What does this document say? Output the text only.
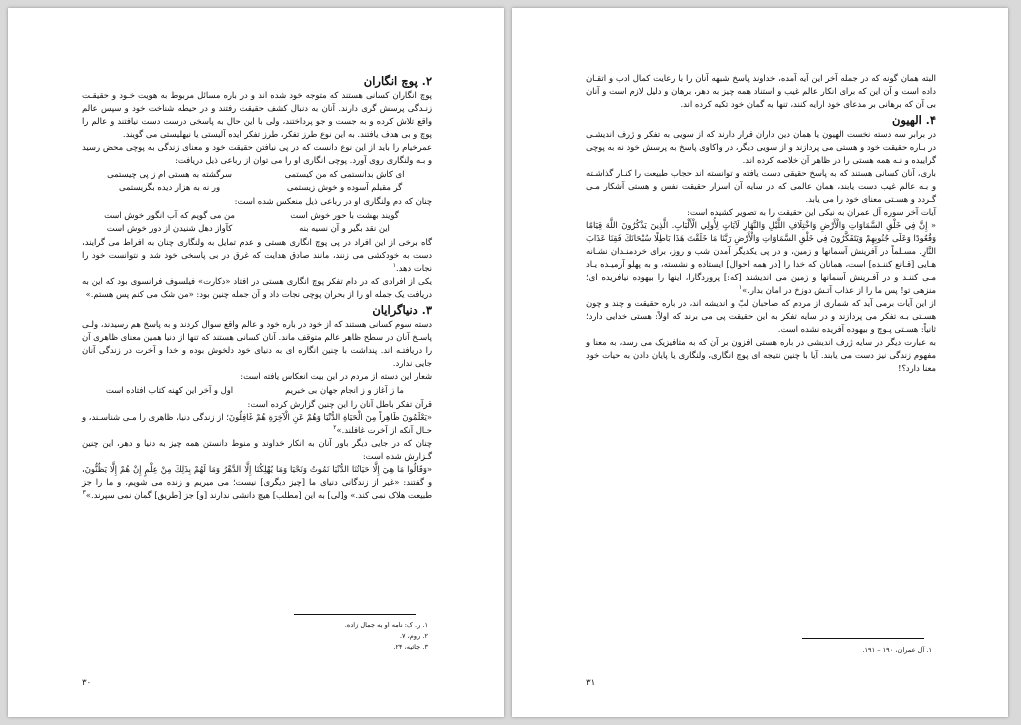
۲. پوچ انگاران

پوچ انگاران کسانی هستند که متوجه خود شده اند و در باره مسائل مربوط به هویت خـود و حقیقـت زنـدگی پرسش گری دارند. آنان به دنبال کشف حقیقت رفتند و در حیطه شناخت خود و سپس عالم واقع تلاش کرده و به جست و جو پرداختند، ولی با این حال به پاسخی درست دست نیافتند و عالم را پوچ و بی هدف یافتند. به این نوع طرز تفکر، طرز تفکر ایده آلیستی یا نیهلیستی می گویند.

عمرخیام را باید از این نوع دانست که در پی نیافتن حقیقت خود و معنای زندگی به پوچی محض رسید و بـه ولنگاری روی آورد. پوچی انگاری او را می توان از رباعی ذیل دریافت:

ای کاش بدانستمی که من کیستمی	سرگشته به هستی ام ز پی چیستمی
گر مقبلم آسوده و خوش زیستمی	ور نه به هزار دیده بگریستمی

چنان که دم ولنگاری او در رباعی ذیل منعکس شده است:

گویند بهشت با حور خوش است	من می گویم که آب انگور خوش است
این نقد بگیر و آن نسیه بنه	کآواز دهل شنیدن از دور خوش است

گاه برخی از این افراد در پی پوچ انگاری هستی و عدم تمایل به ولنگاری چنان به افراط می گرایند، دست به خودکشی می زنند، مانند صادق هدایت که غرق در بی پاسخی خود شد و نتوانست خود را نجات دهد.$^۱$

یکی از افرادی که در دام تفکر پوچ انگاری هستی در افتاد «دکارت» فیلسوف فرانسوی بود که این به دریافت یک جمله او را از بحران پوچی نجات داد و آن جمله چنین بود: «من شک می کنم پس هستم.»

۳. دنیاگرایان

دسته سوم کسانی هستند که از خود در باره خود و عالم واقع سوال کردند و به پاسخ هم رسیدند، ولـی پاسـخ آنان در سطح ظاهر عالم متوقف ماند. آنان کسانی هستند که تنها از دنیا همین معنای ظاهری آن را دریافتـه اند. پنداشت با چنین انگاره ای به دنیای خود دلخوش بوده و خدا و آخرت در زندگی آنان جایی ندارد.

شعار این دسته از مردم در این بیت انعکاس یافته است:

ما ز آغاز و ز انجام جهان بی خبریم	اول و آخر این کهنه کتاب افتاده است

قرآن تفکر باطل آنان را این چنین گزارش کرده است:

«يَعْلَمُونَ ظَاهِراً مِنَ الْحَيَاةِ الدُّنْيَا وَهُمْ عَنِ الْآخِرَةِ هُمْ غَافِلُونَ؛ از زندگی دنیا، ظاهری را مـی شناسـند، و حـال آنکه از آخرت غافلند.»$^۲$

چنان که در جایی دیگر باور آنان به انکار خداوند و منوط دانستن همه چیز به دنیا و دهر، این چنین گـزارش شده است:

«وَقَالُوا مَا هِيَ إِلَّا حَيَاتُنَا الدُّنْيَا نَمُوتُ وَنَحْيَا وَمَا يُهْلِكُنَا إِلَّا الدَّهْرُ وَمَا لَهُمْ بِذَلِكَ مِنْ عِلْمٍ إِنْ هُمْ إِلَّا يَظُنُّونَ، و گفتند: «غیر از زندگانی دنیای ما [چیز دیگری] نیست؛ می میریم و زنده می شویم، و ما را جز طبیعت هلاک نمی کند.» و[لی] به این [مطلب] هیچ دانشی ندارند [و] جز [طریق] گمان نمی سپرند.»$^۳$

۱. ر. ک: نامه او به جمال زاده.

۲. روم، ۷.

۳. جاثیه، ۲۴.

۳۰

البته همان گونه که در جمله آخر این آیه آمده، خداوند پاسخ شبهه آنان را با رعایت کمال ادب و اتقـان داده است و آن این که برای انکار عالم غیب و استناد همه چیز به دهر، برهان و دلیل لازم است و آنان بی آن که برهانی بر مدعای خود ارایه کنند، تنها به گمان خود تکیه کرده اند.

۴. الهیون

در برابر سه دسته نخست الهیون یا همان دین داران قرار دارند که از سویی به تفکر و ژرف اندیشـی در بـاره حقیقت خود و هستی می پردازند و از سویی دیگر، در واکاوی پاسخ به پرسش خود نه به پوچی گراییده و نـه همه هستی را در ظاهر آن خلاصه کرده اند.

باری، آنان کسانی هستند که به پاسخ حقیقی دست یافته و توانسته اند حجاب طبیعت را کنـار گذاشـته و بـه عالم غیب دست یابند، همان عالمی که در سایه آن اسرار حقیقت نفس و هستی آشکار مـی گـردد و هسـتی معنای خود را می یابد.

آیات آخر سوره آل عمران به نیکی این حقیقت را به تصویر کشیده است:

« إِنَّ فِي خَلْقِ السَّمَاوَاتِ وَالْأَرْضِ وَاخْتِلَافِ اللَّيْلِ وَالنَّهَارِ لَآيَاتٍ لِأُولِي الْأَلْبَابِ. الَّذِينَ يَذْكُرُونَ اللَّهَ قِيَامًا وَقُعُودًا وَعَلَى جُنُوبِهِمْ وَيَتَفَكَّرُونَ فِي خَلْقِ السَّمَاوَاتِ وَالْأَرْضِ رَبَّنَا مَا خَلَقْتَ هَذَا بَاطِلًا سُبْحَانَكَ فَقِنَا عَذَابَ النَّارِ. مسـلماً در آفرینش آسمانها و زمین، و در پی یکدیگر آمدن شب و روز، برای خردمنـدان نشـانه هـایی [قـانع کننـده] است، همانان که خدا را [در همه احوال] ایستاده و نشسته، و به پهلو آرمیـده یـاد مـی کننـد و در آفـرینش آسمانها و زمین می اندیشند [که:] پروردگارا، اینها را بیهوده نیافریده ای؛ منزهی تو! پس ما را از عذاب آتـش دوزخ در امان بدار.»$^۱$

از این آیات برمی آید که شماری از مردم که صاحبان لبّ و اندیشه اند، در باره حقیقت و چند و چون هسـتی بـه تفکر می پردازند و در سایه تفکر به این حقیقت پی می برند که اولاً: هستی خدایی دارد؛ ثانیاً: هسـتی پـوچ و بیهوده آفریده نشده است.

به عبارت دیگر در سایه ژرف اندیشی در باره هستی افزون بر آن که به متافیزیک می رسد، به معنا و مفهوم زندگی نیز دست می یابند. آیا با چنین نتیجه ای پوچ انگاری، ولنگاری یا پایان دادن به حیات خود معنا دارد؟!

۱. آل عمران، ۱۹۰ – ۱۹۱.

۳۱
